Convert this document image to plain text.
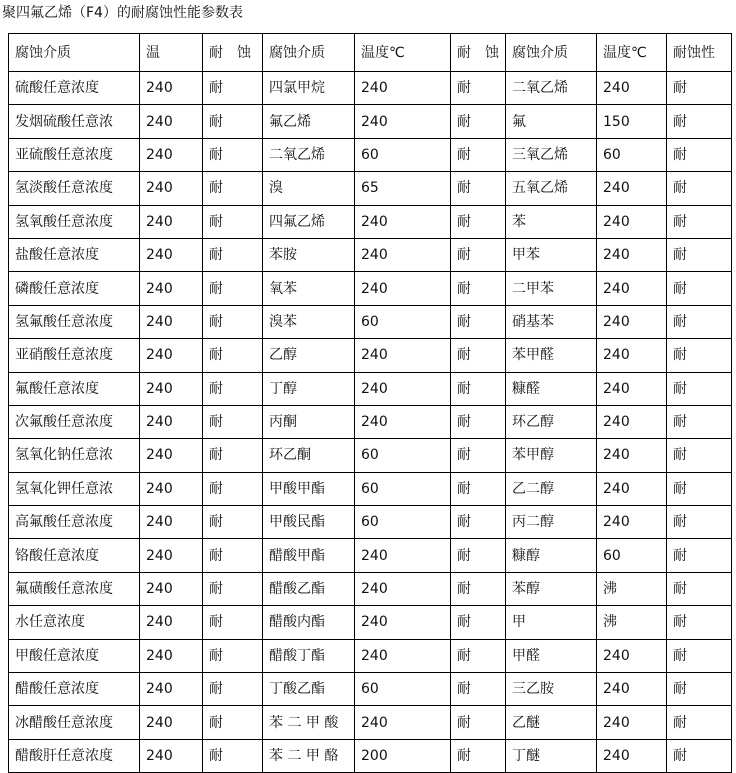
聚四氟乙烯（F4）的耐腐蚀性能参数表
腐蚀介质	温	耐　蚀	腐蚀介质	温度℃	耐　蚀	腐蚀介质	温度℃	耐蚀性
硫酸任意浓度	240	耐	四氯甲烷	240	耐	二氧乙烯	240	耐
发烟硫酸任意浓	240	耐	氟乙烯	240	耐	氟	150	耐
亚硫酸任意浓度	240	耐	二氧乙烯	60	耐	三氧乙烯	60	耐
氢淡酸任意浓度	240	耐	溴	65	耐	五氧乙烯	240	耐
氢氧酸任意浓度	240	耐	四氟乙烯	240	耐	苯	240	耐
盐酸任意浓度	240	耐	苯胺	240	耐	甲苯	240	耐
磷酸任意浓度	240	耐	氧苯	240	耐	二甲苯	240	耐
氢氟酸任意浓度	240	耐	溴苯	60	耐	硝基苯	240	耐
亚硝酸任意浓度	240	耐	乙醇	240	耐	苯甲醛	240	耐
氟酸任意浓度	240	耐	丁醇	240	耐	糠醛	240	耐
次氟酸任意浓度	240	耐	丙酮	240	耐	环乙醇	240	耐
氢氧化钠任意浓	240	耐	环乙酮	60	耐	苯甲醇	240	耐
氢氧化钾任意浓	240	耐	甲酸甲酯	60	耐	乙二醇	240	耐
高氟酸任意浓度	240	耐	甲酸民酯	60	耐	丙二醇	240	耐
铬酸任意浓度	240	耐	醋酸甲酯	240	耐	糠醇	60	耐
氟磺酸任意浓度	240	耐	醋酸乙酯	240	耐	苯醇	沸	耐
水任意浓度	240	耐	醋酸内酯	240	耐	甲	沸	耐
甲酸任意浓度	240	耐	醋酸丁酯	240	耐	甲醛	240	耐
醋酸任意浓度	240	耐	丁酸乙酯	60	耐	三乙胺	240	耐
冰醋酸任意浓度	240	耐	苯 二 甲 酸	240	耐	乙醚	240	耐
醋酸肝任意浓度	240	耐	苯 二 甲 酪	200	耐	丁醚	240	耐
